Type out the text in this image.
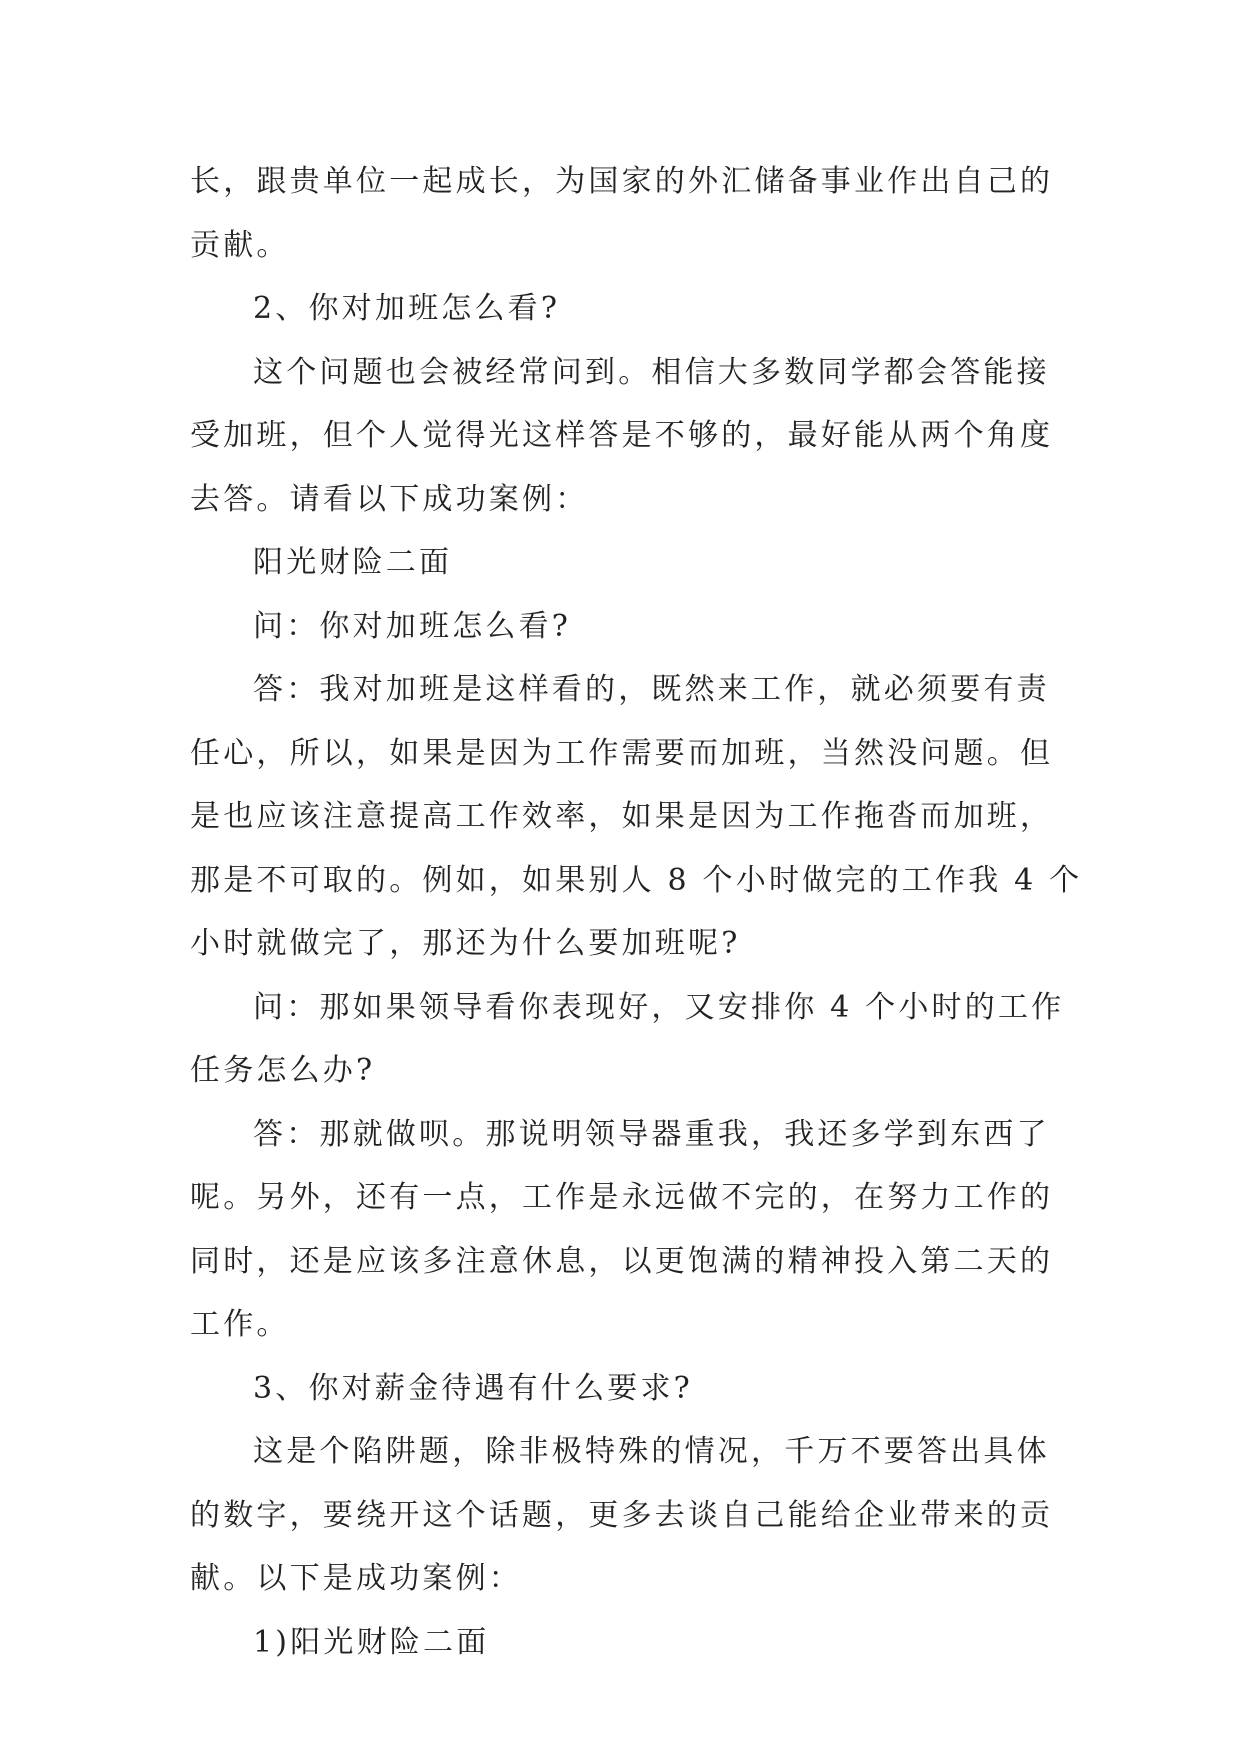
长，跟贵单位一起成长，为国家的外汇储备事业作出自己的
贡献。
2、你对加班怎么看?
这个问题也会被经常问到。相信大多数同学都会答能接
受加班，但个人觉得光这样答是不够的，最好能从两个角度
去答。请看以下成功案例：
阳光财险二面
问：你对加班怎么看?
答：我对加班是这样看的，既然来工作，就必须要有责
任心，所以，如果是因为工作需要而加班，当然没问题。但
是也应该注意提高工作效率，如果是因为工作拖沓而加班，
那是不可取的。例如，如果别人 8 个小时做完的工作我 4 个
小时就做完了，那还为什么要加班呢?
问：那如果领导看你表现好，又安排你 4 个小时的工作
任务怎么办?
答：那就做呗。那说明领导器重我，我还多学到东西了
呢。另外，还有一点，工作是永远做不完的，在努力工作的
同时，还是应该多注意休息，以更饱满的精神投入第二天的
工作。
3、你对薪金待遇有什么要求?
这是个陷阱题，除非极特殊的情况，千万不要答出具体
的数字，要绕开这个话题，更多去谈自己能给企业带来的贡
献。以下是成功案例：
1)阳光财险二面
